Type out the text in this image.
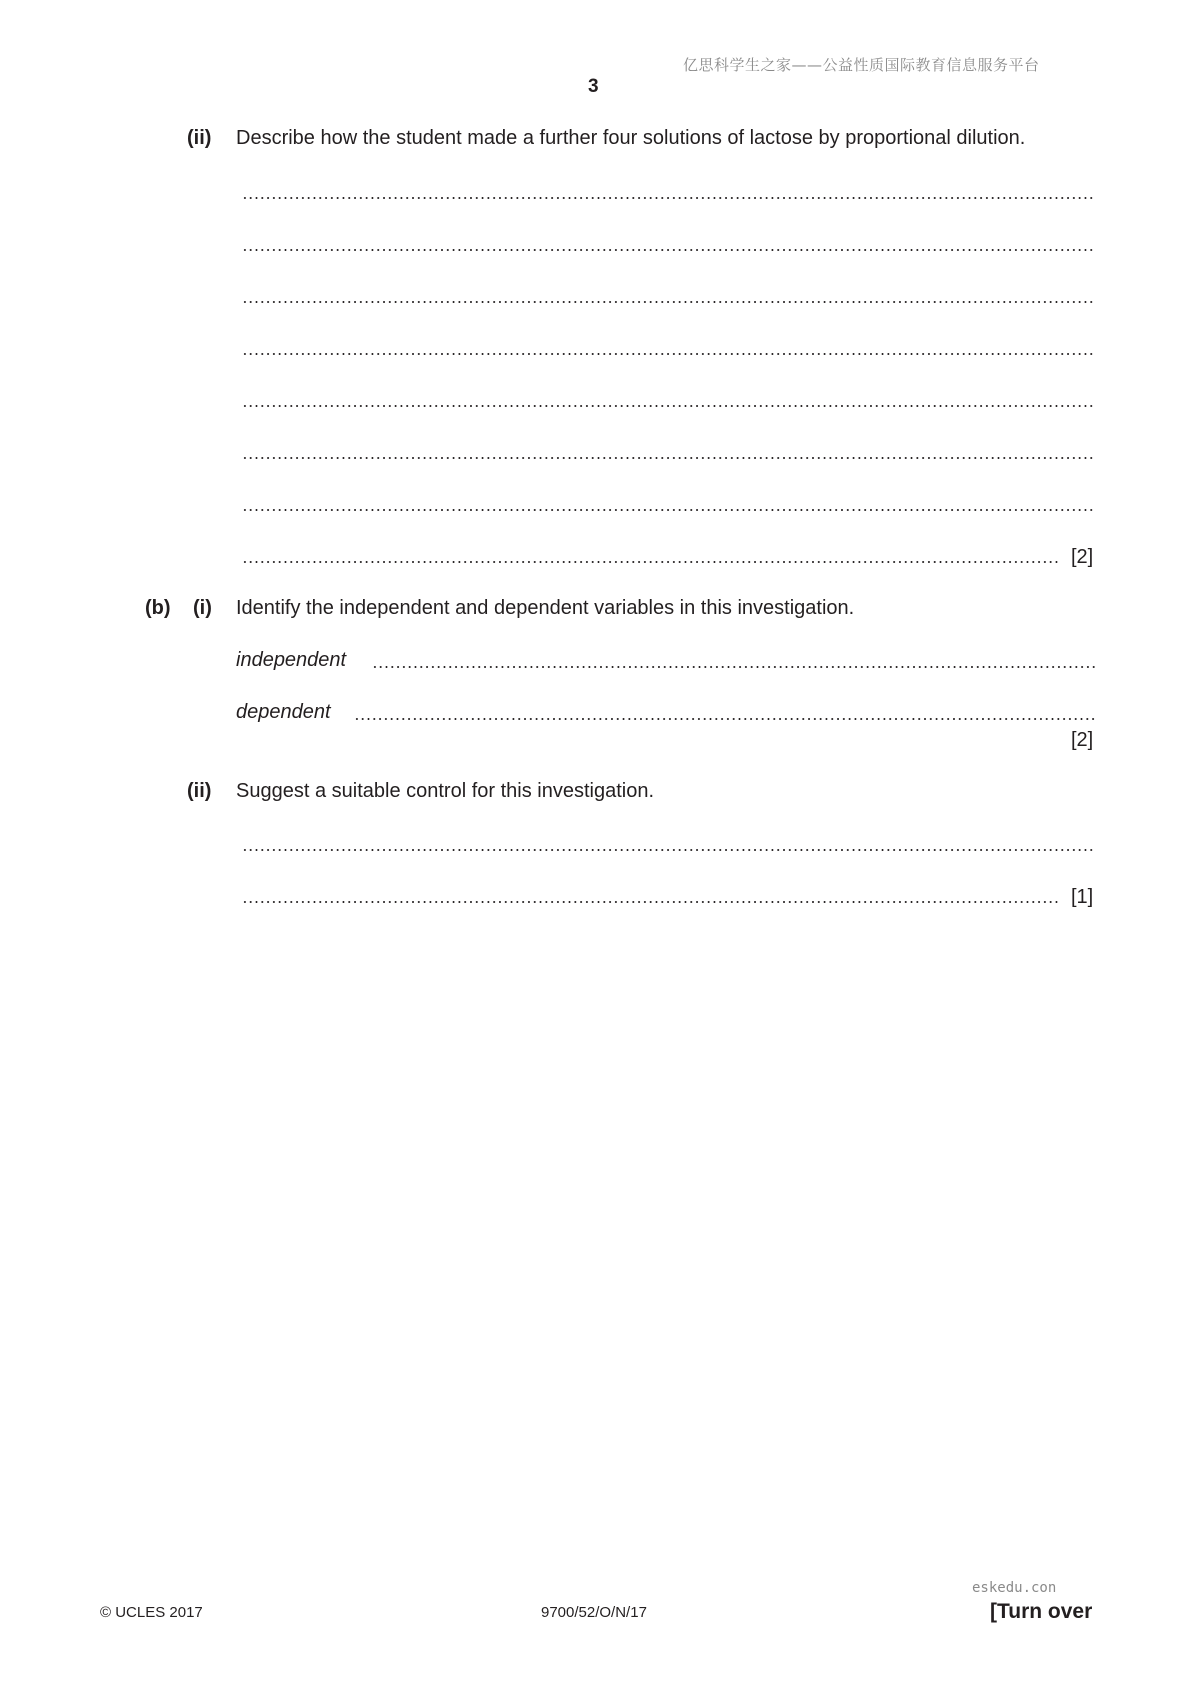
亿思科学生之家——公益性质国际教育信息服务平台
3
(ii) Describe how the student made a further four solutions of lactose by proportional dilution.
[2]
(b) (i) Identify the independent and dependent variables in this investigation.
independent
dependent
[2]
(ii) Suggest a suitable control for this investigation.
[1]
© UCLES 2017	9700/52/O/N/17
eskedu.con
[Turn over
